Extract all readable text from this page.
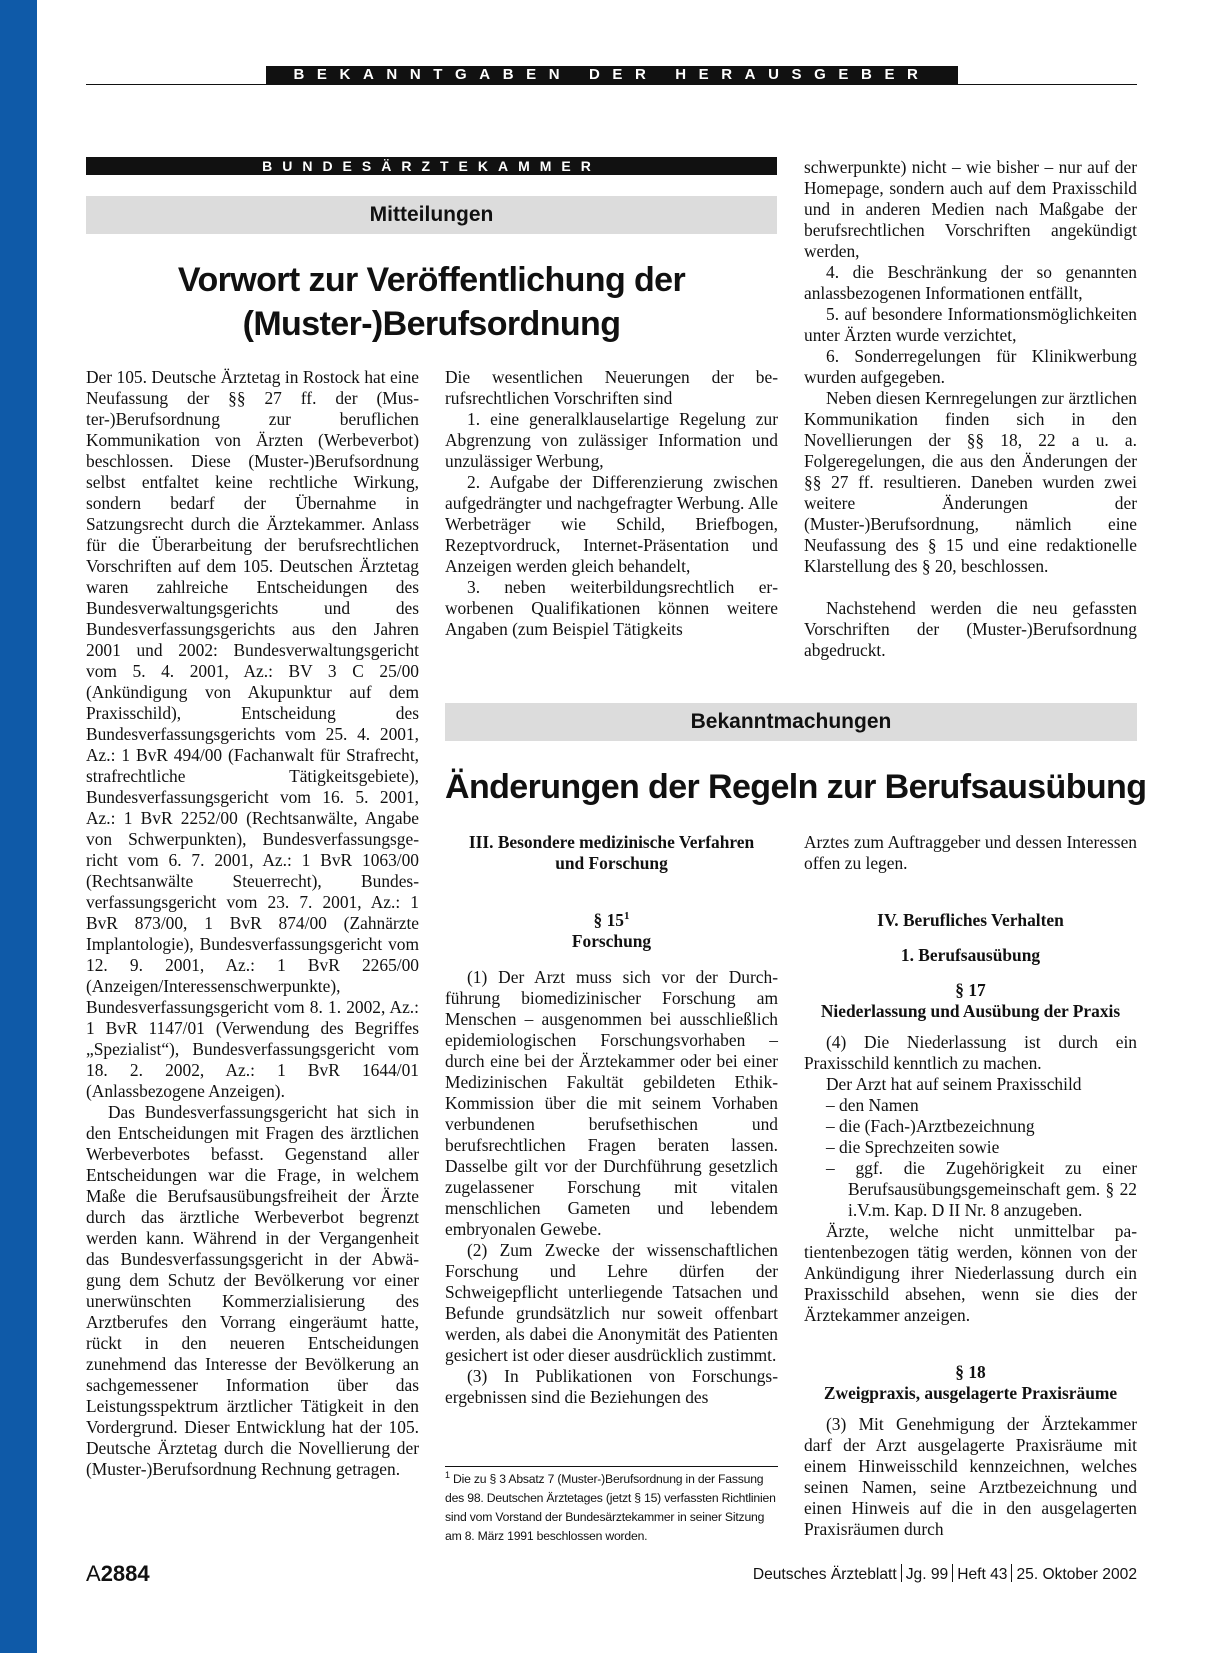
BEKANNTGABEN DER HERAUSGEBER
BUNDESÄRZTEKAMMER
Mitteilungen
Vorwort zur Veröffentlichung der
(Muster-)Berufsordnung

Der 105. Deutsche Ärztetag in Rostock hat eine Neufassung der §§ 27 ff. der (Muster-)Berufsordnung zur beruflichen Kommunikation von Ärzten (Werbeverbot) beschlossen. Diese (Muster-)Berufsordnung selbst entfaltet keine rechtliche Wirkung, sondern bedarf der Übernahme in Satzungsrecht durch die Ärztekammer. Anlass für die Überarbeitung der berufsrechtlichen Vorschriften auf dem 105. Deutschen Ärztetag waren zahlreiche Entscheidungen des Bundesverwaltungsgerichts und des Bundesverfassungsgerichts aus den Jahren 2001 und 2002: Bundesverwaltungsgericht vom 5. 4. 2001, Az.: BV 3 C 25/00 (Ankündigung von Akupunktur auf dem Praxisschild), Entscheidung des Bundesverfassungsgerichts vom 25. 4. 2001, Az.: 1 BvR 494/00 (Fachanwalt für Strafrecht, strafrechtliche Tätigkeitsgebiete), Bundesverfassungsgericht vom 16. 5. 2001, Az.: 1 BvR 2252/00 (Rechtsanwälte, Angabe von Schwerpunkten), Bundesverfassungsgericht vom 6. 7. 2001, Az.: 1 BvR 1063/00 (Rechtsanwälte Steuerrecht), Bundesverfassungsgericht vom 23. 7. 2001, Az.: 1 BvR 873/00, 1 BvR 874/00 (Zahnärzte Implantologie), Bundesverfassungsgericht vom 12. 9. 2001, Az.: 1 BvR 2265/00 (Anzeigen/Interessenschwerpunkte), Bundesverfassungsgericht vom 8. 1. 2002, Az.: 1 BvR 1147/01 (Verwendung des Begriffes „Spezialist“), Bundesverfassungsgericht vom 18. 2. 2002, Az.: 1 BvR 1644/01 (Anlassbezogene Anzeigen).

Das Bundesverfassungsgericht hat sich in den Entscheidungen mit Fragen des ärztlichen Werbeverbotes befasst. Gegenstand aller Entscheidungen war die Frage, in welchem Maße die Berufsausübungsfreiheit der Ärzte durch das ärztliche Werbeverbot begrenzt werden kann. Während in der Vergangenheit das Bundesverfassungsgericht in der Abwägung dem Schutz der Bevölkerung vor einer unerwünschten Kommerzialisierung des Arztberufes den Vorrang eingeräumt hatte, rückt in den neueren Entscheidungen zunehmend das Interesse der Bevölkerung an sachgemessener Information über das Leistungsspektrum ärztlicher Tätigkeit in den Vordergrund. Dieser Entwicklung hat der 105. Deutsche Ärztetag durch die Novellierung der (Muster-)Berufsordnung Rechnung getragen.

Die wesentlichen Neuerungen der berufsrechtlichen Vorschriften sind

1. eine generalklauselartige Regelung zur Abgrenzung von zulässiger Information und unzulässiger Werbung,

2. Aufgabe der Differenzierung zwischen aufgedrängter und nachgefragter Werbung. Alle Werbeträger wie Schild, Briefbogen, Rezeptvordruck, Internet-Präsentation und Anzeigen werden gleich behandelt,

3. neben weiterbildungsrechtlich erworbenen Qualifikationen können weitere Angaben (zum Beispiel Tätigkeits

schwerpunkte) nicht – wie bisher – nur auf der Homepage, sondern auch auf dem Praxisschild und in anderen Medien nach Maßgabe der berufsrechtlichen Vorschriften angekündigt werden,

4. die Beschränkung der so genannten anlassbezogenen Informationen entfällt,

5. auf besondere Informationsmöglichkeiten unter Ärzten wurde verzichtet,

6. Sonderregelungen für Klinikwerbung wurden aufgegeben.

Neben diesen Kernregelungen zur ärztlichen Kommunikation finden sich in den Novellierungen der §§ 18, 22 a u. a. Folgeregelungen, die aus den Änderungen der §§ 27 ff. resultieren. Daneben wurden zwei weitere Änderungen der (Muster-)Berufsordnung, nämlich eine Neufassung des § 15 und eine redaktionelle Klarstellung des § 20, beschlossen.

Nachstehend werden die neu gefassten Vorschriften der (Muster-)Berufsordnung abgedruckt.

Bekanntmachungen
Änderungen der Regeln zur Berufsausübung

III. Besondere medizinische Verfahren
und Forschung

§ $15^1$

Forschung

(1) Der Arzt muss sich vor der Durchführung biomedizinischer Forschung am Menschen – ausgenommen bei ausschließlich epidemiologischen Forschungsvorhaben – durch eine bei der Ärztekammer oder bei einer Medizinischen Fakultät gebildeten Ethik-Kommission über die mit seinem Vorhaben verbundenen berufsethischen und berufsrechtlichen Fragen beraten lassen. Dasselbe gilt vor der Durchführung gesetzlich zugelassener Forschung mit vitalen menschlichen Gameten und lebendem embryonalen Gewebe.

(2) Zum Zwecke der wissenschaftlichen Forschung und Lehre dürfen der Schweigepflicht unterliegende Tatsachen und Befunde grundsätzlich nur soweit offenbart werden, als dabei die Anonymität des Patienten gesichert ist oder dieser ausdrücklich zustimmt.

(3) In Publikationen von Forschungsergebnissen sind die Beziehungen des

$^1$ Die zu § 3 Absatz 7 (Muster-)Berufsordnung in der Fassung des 98. Deutschen Ärztetages (jetzt § 15) verfassten Richtlinien sind vom Vorstand der Bundesärztekammer in seiner Sitzung am 8. März 1991 beschlossen worden.

Arztes zum Auftraggeber und dessen Interessen offen zu legen.

IV. Berufliches Verhalten

1. Berufsausübung

§ 17

Niederlassung und Ausübung der Praxis

(4) Die Niederlassung ist durch ein Praxisschild kenntlich zu machen.

Der Arzt hat auf seinem Praxisschild

– den Namen

– die (Fach-)Arztbezeichnung

– die Sprechzeiten sowie

– ggf. die Zugehörigkeit zu einer Berufsausübungsgemeinschaft gem. § 22 i.V.m. Kap. D II Nr. 8 anzugeben.

Ärzte, welche nicht unmittelbar patientenbezogen tätig werden, können von der Ankündigung ihrer Niederlassung durch ein Praxisschild absehen, wenn sie dies der Ärztekammer anzeigen.

§ 18

Zweigpraxis, ausgelagerte Praxisräume

(3) Mit Genehmigung der Ärztekammer darf der Arzt ausgelagerte Praxisräume mit einem Hinweisschild kennzeichnen, welches seinen Namen, seine Arztbezeichnung und einen Hinweis auf die in den ausgelagerten Praxisräumen durch

A2884	Deutsches Ärzteblatt Jg. 99 Heft 43 25. Oktober 2002
